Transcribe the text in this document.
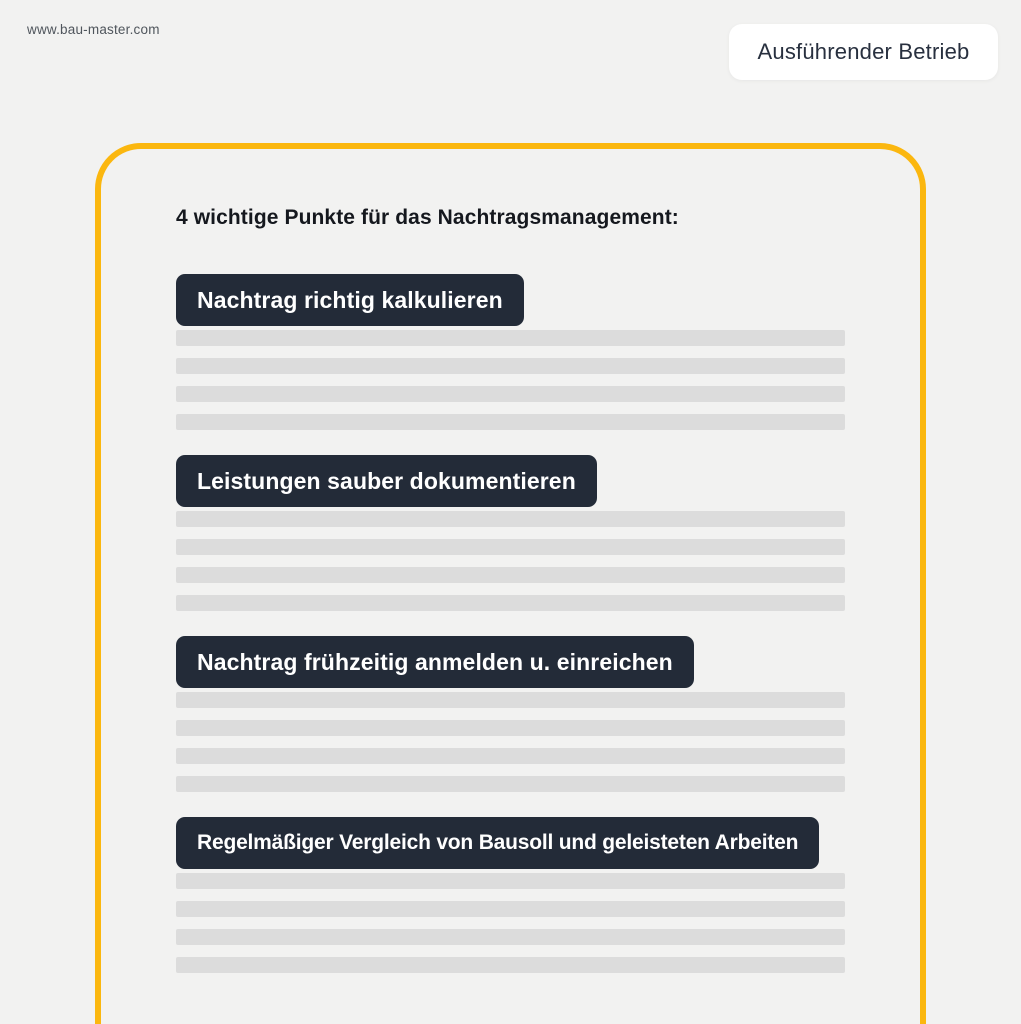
www.bau-master.com
Ausführender Betrieb
4 wichtige Punkte für das Nachtragsmanagement:
Nachtrag richtig kalkulieren
Leistungen sauber dokumentieren
Nachtrag frühzeitig anmelden u. einreichen
Regelmäßiger Vergleich von Bausoll und geleisteten Arbeiten
